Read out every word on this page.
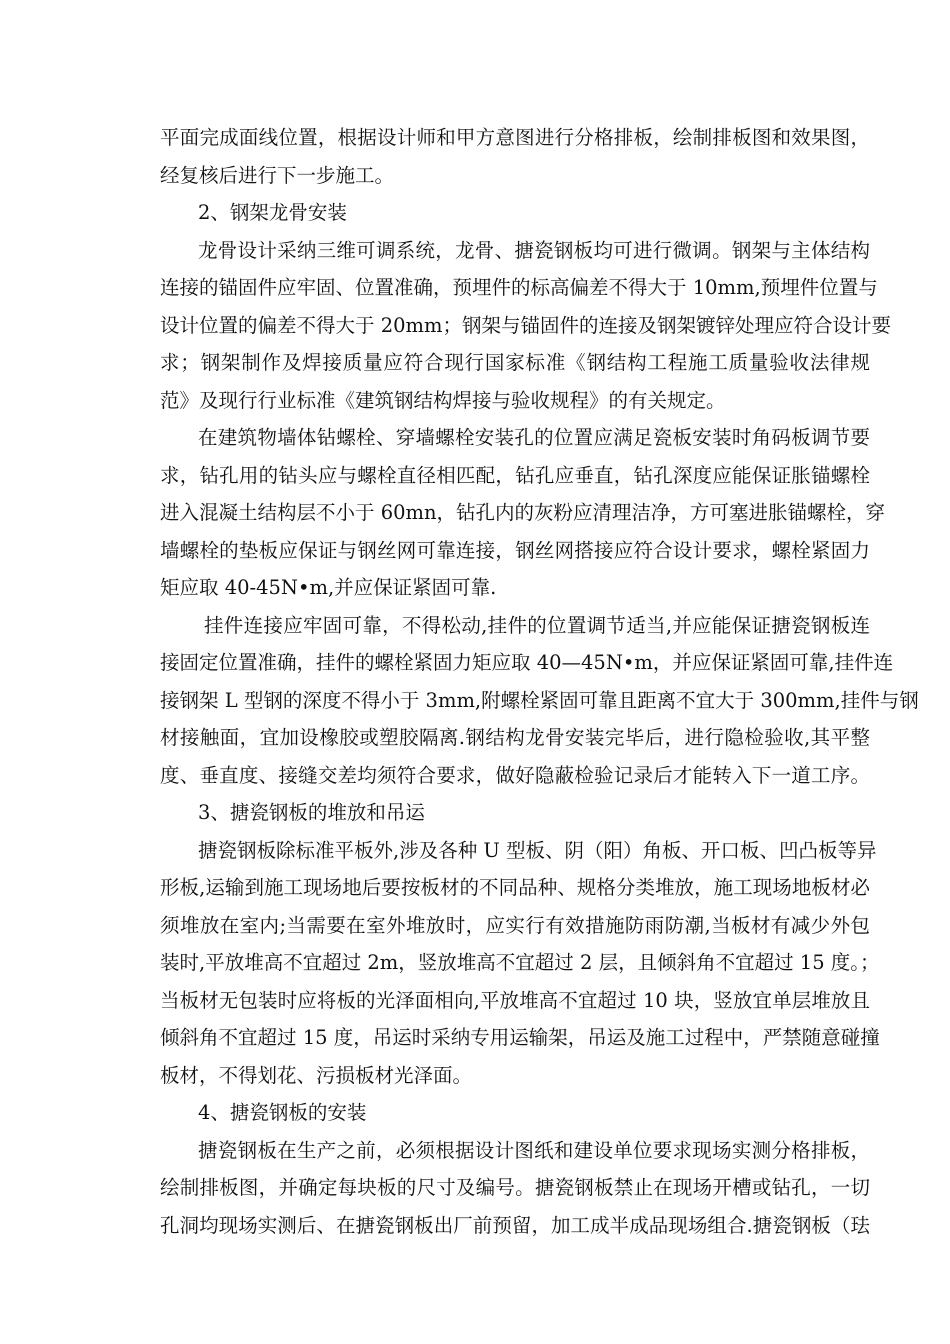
平面完成面线位置，根据设计师和甲方意图进行分格排板，绘制排板图和效果图，
经复核后进行下一步施工。
2、钢架龙骨安装
龙骨设计采纳三维可调系统，龙骨、搪瓷钢板均可进行微调。钢架与主体结构
连接的锚固件应牢固、位置准确，预埋件的标高偏差不得大于 10mm,预埋件位置与
设计位置的偏差不得大于 20mm；钢架与锚固件的连接及钢架镀锌处理应符合设计要
求；钢架制作及焊接质量应符合现行国家标准《钢结构工程施工质量验收法律规
范》及现行行业标准《建筑钢结构焊接与验收规程》的有关规定。
在建筑物墙体钻螺栓、穿墙螺栓安装孔的位置应满足瓷板安装时角码板调节要
求，钻孔用的钻头应与螺栓直径相匹配，钻孔应垂直，钻孔深度应能保证胀锚螺栓
进入混凝土结构层不小于 60mn，钻孔内的灰粉应清理洁净，方可塞进胀锚螺栓，穿
墙螺栓的垫板应保证与钢丝网可靠连接，钢丝网搭接应符合设计要求，螺栓紧固力
矩应取 40-45N•m,并应保证紧固可靠.
挂件连接应牢固可靠，不得松动,挂件的位置调节适当,并应能保证搪瓷钢板连
接固定位置准确，挂件的螺栓紧固力矩应取 40—45N•m，并应保证紧固可靠,挂件连
接钢架 L 型钢的深度不得小于 3mm,附螺栓紧固可靠且距离不宜大于 300mm,挂件与钢
材接触面，宜加设橡胶或塑胶隔离.钢结构龙骨安装完毕后，进行隐检验收,其平整
度、垂直度、接缝交差均须符合要求，做好隐蔽检验记录后才能转入下一道工序。
3、搪瓷钢板的堆放和吊运
搪瓷钢板除标准平板外,涉及各种 U 型板、阴（阳）角板、开口板、凹凸板等异
形板,运输到施工现场地后要按板材的不同品种、规格分类堆放，施工现场地板材必
须堆放在室内;当需要在室外堆放时，应实行有效措施防雨防潮,当板材有减少外包
装时,平放堆高不宜超过 2m，竖放堆高不宜超过 2 层，且倾斜角不宜超过 15 度。；
当板材无包装时应将板的光泽面相向,平放堆高不宜超过 10 块，竖放宜单层堆放且
倾斜角不宜超过 15 度，吊运时采纳专用运输架，吊运及施工过程中，严禁随意碰撞
板材，不得划花、污损板材光泽面。
4、搪瓷钢板的安装
搪瓷钢板在生产之前，必须根据设计图纸和建设单位要求现场实测分格排板，
绘制排板图，并确定每块板的尺寸及编号。搪瓷钢板禁止在现场开槽或钻孔，一切
孔洞均现场实测后、在搪瓷钢板出厂前预留，加工成半成品现场组合.搪瓷钢板（珐
